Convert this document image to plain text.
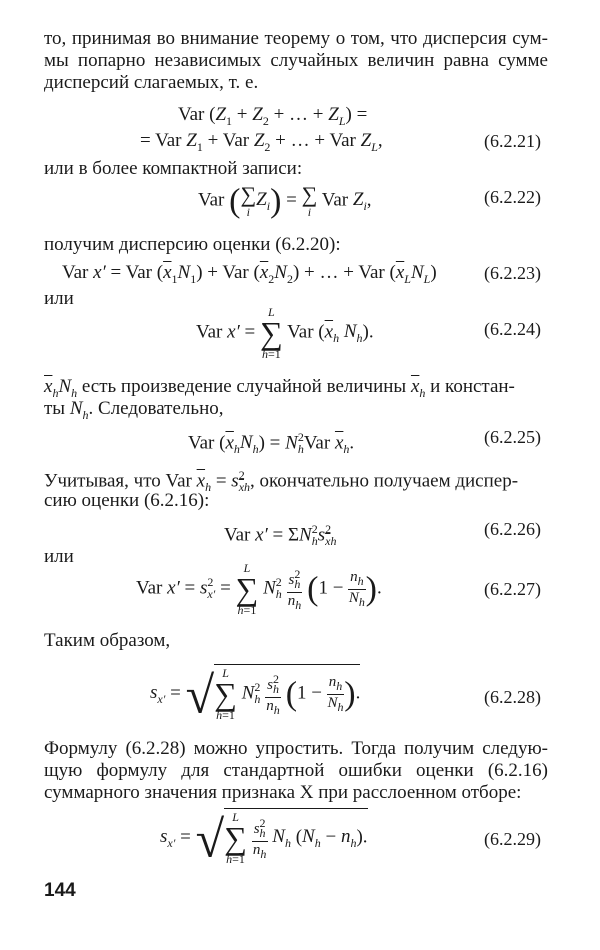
то, принимая во внимание теорему о том, что дисперсия сум-

мы попарно независимых случайных величин равна сумме

дисперсий слагаемых, т. е.

Var ($Z_1 + Z_2$ + … + $Z_L$) =
= Var $Z_1$ + Var $Z_2$ + … + Var $Z_L$,	(6.2.21)

или в более компактной записи:

Var ( ∑
i
$Z_i$) = ∑
i
Var $Z_i$,	(6.2.22)

получим дисперсию оценки (6.2.20):

Var x′ = Var $(\overline{x}_1N_1)$ + Var $(\overline{x}_2N_2)$ + … + Var $(\overline{x}_LN_L)$	(6.2.23)

или

Var x′ =
L
∑
h=1
Var ($\overline{x}_h$ $N_h$).	(6.2.24)

$\overline{x}_hN_h$ есть произведение случайной величины $\overline{x}_h$ и констан-

ты $N_h$. Следовательно,

Var $(\overline{x}_hN_h) = N^2_hVar$ $\overline{x}_h$.	(6.2.25)

Учитывая, что Var $\overline{x}_h = s^2_{\overline{x}h}$, окончательно получаем диспер-

сию оценки (6.2.16):

Var $x' = \Sigma N^2_hs^2_{\overline{x}h}$
(6.2.26)

или

Var $x' = s^2_{x'}$ =
L
∑
h=1
$N^2_h \frac{s^2_h}{n_h} (1 - \frac{n_h}{N_h}$ ).	(6.2.27)

Таким образом,

$s_{x'}$ = √ L
∑
h=1
$N^2_h \frac{s^2_h}{n_h} (1 - \frac{n_h}{N_h}$ ).	(6.2.28)

Формулу (6.2.28) можно упростить. Тогда получим следую-

щую формулу для стандартной ошибки оценки (6.2.16)

суммарного значения признака X при расслоенном отборе:

$s_{x'}$ = √ L
∑
h=1
$\frac{s^2_h}{n_h} N_h$ $(N_h - n_h)$.	(6.2.29)
144
